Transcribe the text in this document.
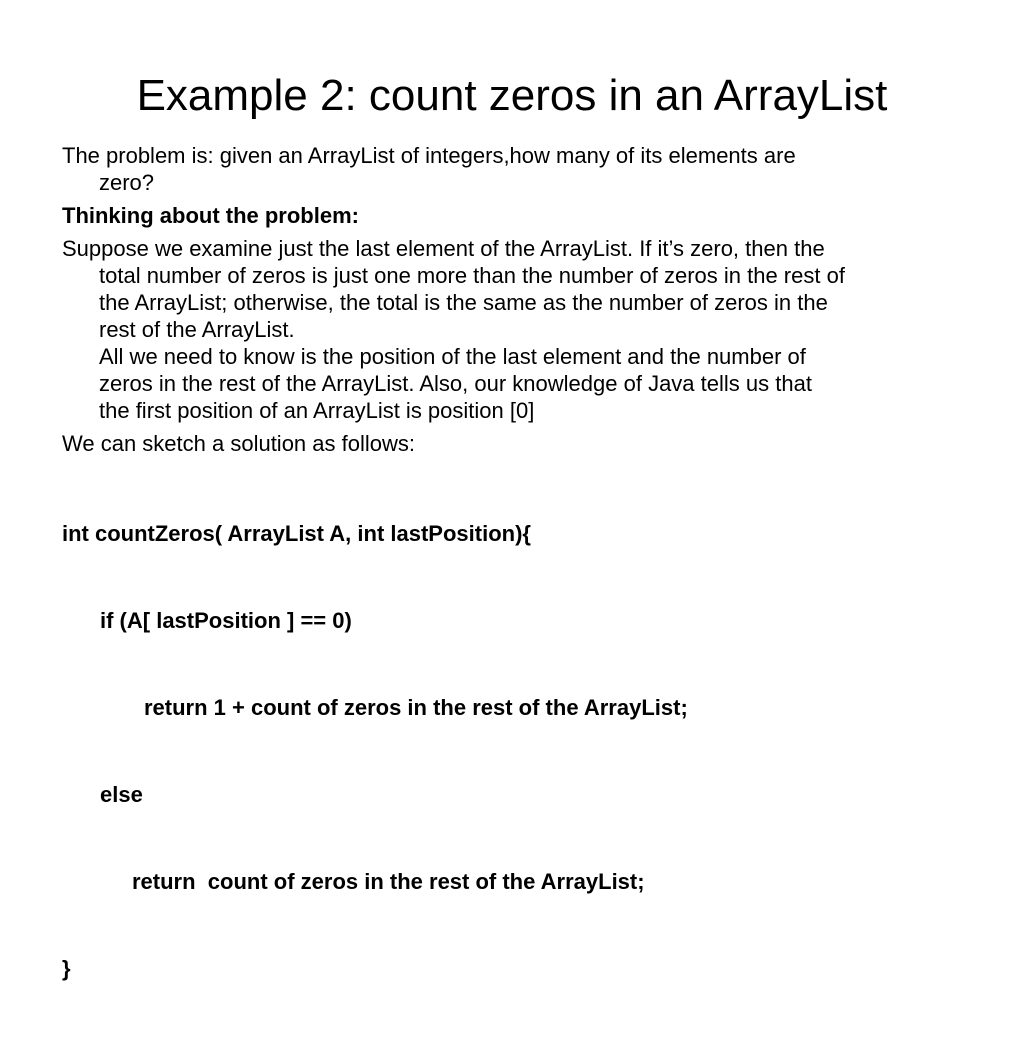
Example 2: count zeros in an ArrayList
The problem is: given an ArrayList of integers,how many of its elements are
zero?
Thinking about the problem:
Suppose we examine just the last element of the ArrayList. If it’s zero, then the
total number of zeros is just one more than the number of zeros in the rest of
the ArrayList; otherwise, the total is the same as the number of zeros in the
rest of the ArrayList.
All we need to know is the position of the last element and the number of
zeros in the rest of the ArrayList. Also, our knowledge of Java tells us that
the first position of an ArrayList is position [0]
We can sketch a solution as follows:

int countZeros( ArrayList A, int lastPosition){

if (A[ lastPosition ] == 0)

return 1 + count of zeros in the rest of the ArrayList;

else

return  count of zeros in the rest of the ArrayList;

}
